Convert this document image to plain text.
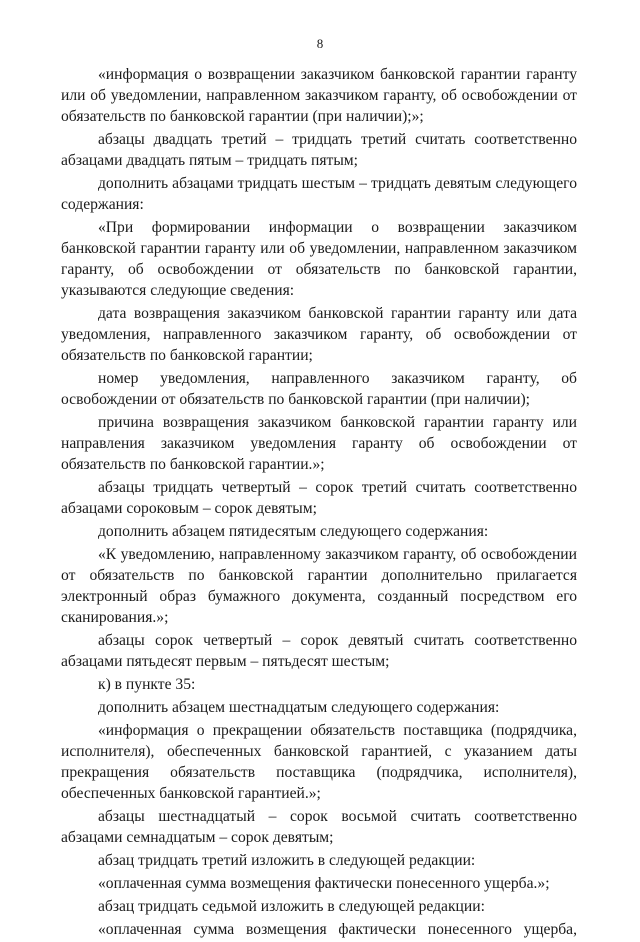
8

«информация о возвращении заказчиком банковской гарантии гаранту или об уведомлении, направленном заказчиком гаранту, об освобождении от обязательств по банковской гарантии (при наличии);»;

абзацы двадцать третий – тридцать третий считать соответственно абзацами двадцать пятым – тридцать пятым;

дополнить абзацами тридцать шестым – тридцать девятым следующего содержания:

«При формировании информации о возвращении заказчиком банковской гарантии гаранту или об уведомлении, направленном заказчиком гаранту, об освобождении от обязательств по банковской гарантии, указываются следующие сведения:

дата возвращения заказчиком банковской гарантии гаранту или дата уведомления, направленного заказчиком гаранту, об освобождении от обязательств по банковской гарантии;

номер уведомления, направленного заказчиком гаранту, об освобождении от обязательств по банковской гарантии (при наличии);

причина возвращения заказчиком банковской гарантии гаранту или направления заказчиком уведомления гаранту об освобождении от обязательств по банковской гарантии.»;

абзацы тридцать четвертый – сорок третий считать соответственно абзацами сороковым – сорок девятым;

дополнить абзацем пятидесятым следующего содержания:

«К уведомлению, направленному заказчиком гаранту, об освобождении от обязательств по банковской гарантии дополнительно прилагается электронный образ бумажного документа, созданный посредством его сканирования.»;

абзацы сорок четвертый – сорок девятый считать соответственно абзацами пятьдесят первым – пятьдесят шестым;

к) в пункте 35:

дополнить абзацем шестнадцатым следующего содержания:

«информация о прекращении обязательств поставщика (подрядчика, исполнителя), обеспеченных банковской гарантией, с указанием даты прекращения обязательств поставщика (подрядчика, исполнителя), обеспеченных банковской гарантией.»;

абзацы шестнадцатый – сорок восьмой считать соответственно абзацами семнадцатым – сорок девятым;

абзац тридцать третий изложить в следующей редакции:

«оплаченная сумма возмещения фактически понесенного ущерба.»;

абзац тридцать седьмой изложить в следующей редакции:

«оплаченная сумма возмещения фактически понесенного ущерба,
